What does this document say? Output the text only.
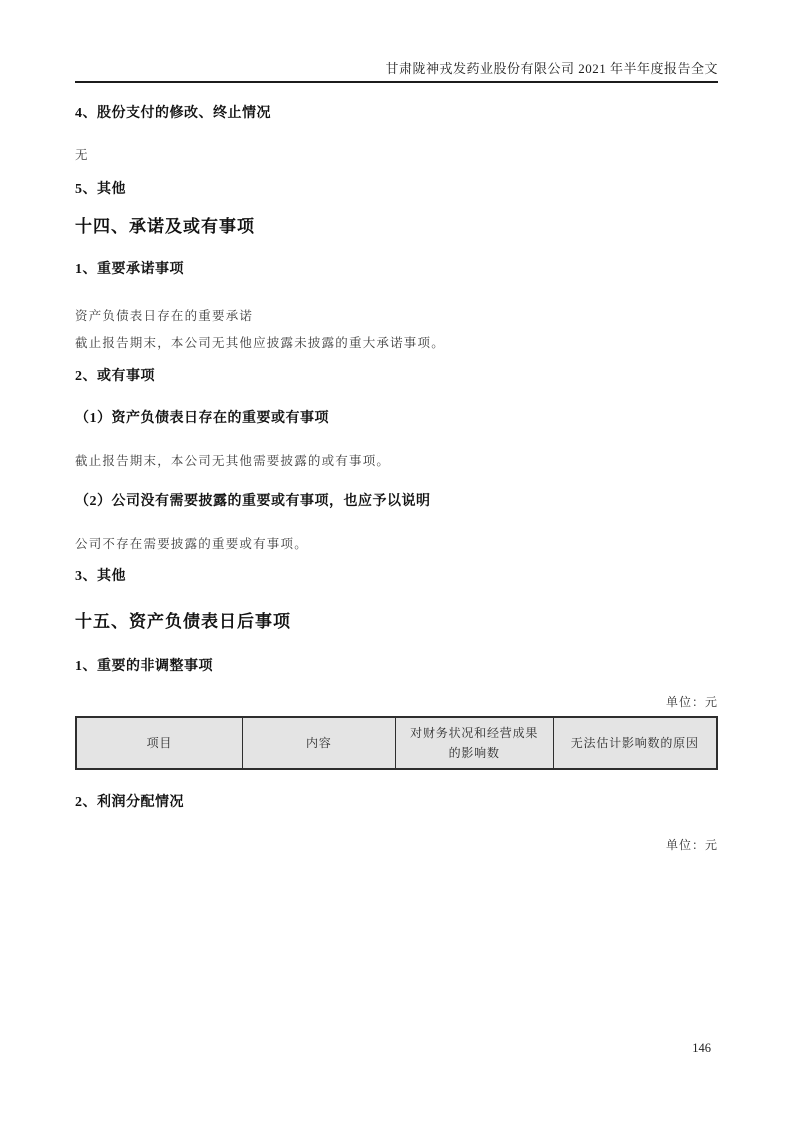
甘肃陇神戎发药业股份有限公司 2021 年半年度报告全文
4、股份支付的修改、终止情况

无

5、其他
十四、承诺及或有事项
1、重要承诺事项
资产负债表日存在的重要承诺
截止报告期末，本公司无其他应披露未披露的重大承诺事项。
2、或有事项
（1）资产负债表日存在的重要或有事项

截止报告期末，本公司无其他需要披露的或有事项。

（2）公司没有需要披露的重要或有事项，也应予以说明

公司不存在需要披露的重要或有事项。

3、其他
十五、资产负债表日后事项
1、重要的非调整事项

单位：元

项目	内容	对财务状况和经营成果的影响数	无法估计影响数的原因
2、利润分配情况

单位：元

146
